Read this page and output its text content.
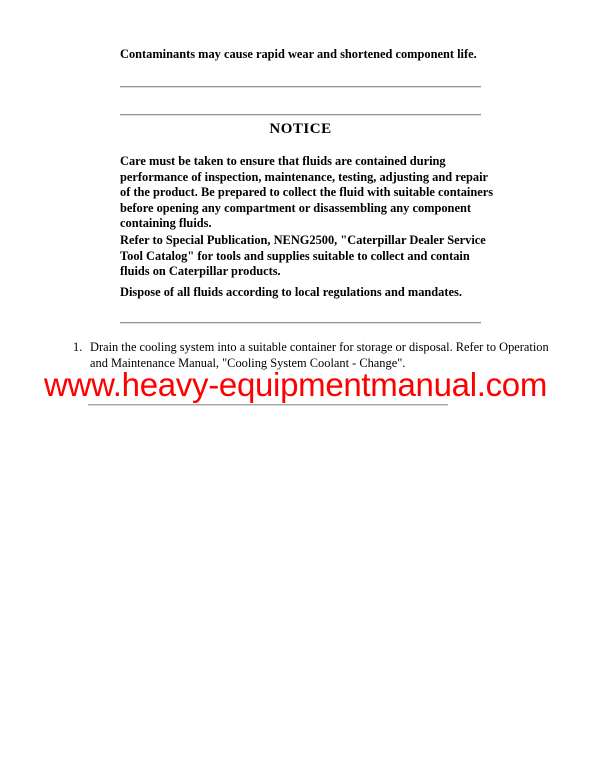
Contaminants may cause rapid wear and shortened component life.
NOTICE
Care must be taken to ensure that fluids are contained during
performance of inspection, maintenance, testing, adjusting and repair
of the product. Be prepared to collect the fluid with suitable containers
before opening any compartment or disassembling any component
containing fluids.
Refer to Special Publication, NENG2500, "Caterpillar Dealer Service
Tool Catalog" for tools and supplies suitable to collect and contain
fluids on Caterpillar products.
Dispose of all fluids according to local regulations and mandates.
1. Drain the cooling system into a suitable container for storage or disposal. Refer to Operation
and Maintenance Manual, "Cooling System Coolant - Change".
www.heavy-equipmentmanual.com
